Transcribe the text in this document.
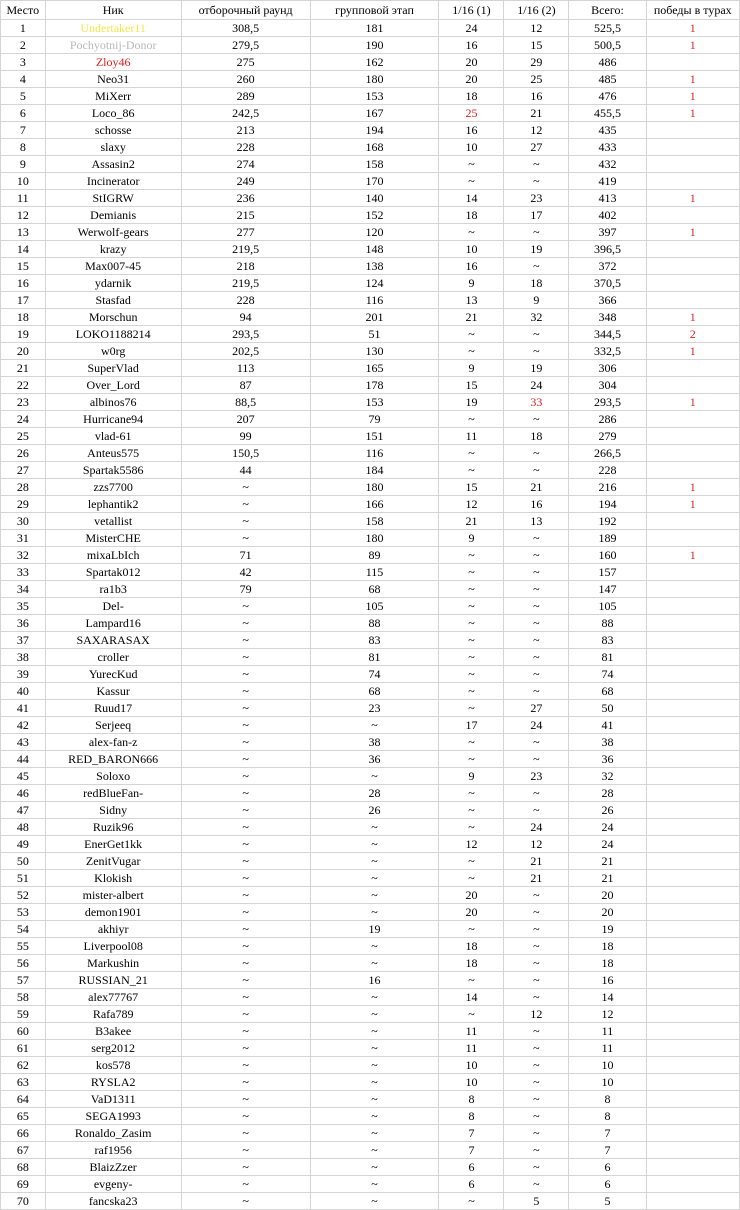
Место	Ник	отборочный раунд	групповой этап	1/16 (1)	1/16 (2)	Всего:	победы в турах
1	Undertaker11	308,5	181	24	12	525,5	1
2	Pochyotnij-Donor	279,5	190	16	15	500,5	1
3	Zloy46	275	162	20	29	486	
4	Neo31	260	180	20	25	485	1
5	MiXerr	289	153	18	16	476	1
6	Loco_86	242,5	167	25	21	455,5	1
7	schosse	213	194	16	12	435	
8	slaxy	228	168	10	27	433	
9	Assasin2	274	158	~	~	432	
10	Incinerator	249	170	~	~	419	
11	StIGRW	236	140	14	23	413	1
12	Demianis	215	152	18	17	402	
13	Werwolf-gears	277	120	~	~	397	1
14	krazy	219,5	148	10	19	396,5	
15	Max007-45	218	138	16	~	372	
16	ydarnik	219,5	124	9	18	370,5	
17	Stasfad	228	116	13	9	366	
18	Morschun	94	201	21	32	348	1
19	LOKO1188214	293,5	51	~	~	344,5	2
20	w0rg	202,5	130	~	~	332,5	1
21	SuperVlad	113	165	9	19	306	
22	Over_Lord	87	178	15	24	304	
23	albinos76	88,5	153	19	33	293,5	1
24	Hurricane94	207	79	~	~	286	
25	vlad-61	99	151	11	18	279	
26	Anteus575	150,5	116	~	~	266,5	
27	Spartak5586	44	184	~	~	228	
28	zzs7700	~	180	15	21	216	1
29	lephantik2	~	166	12	16	194	1
30	vetallist	~	158	21	13	192	
31	MisterCHE	~	180	9	~	189	
32	mixaLbIch	71	89	~	~	160	1
33	Spartak012	42	115	~	~	157	
34	ra1b3	79	68	~	~	147	
35	Del-	~	105	~	~	105	
36	Lampard16	~	88	~	~	88	
37	SAXARASAX	~	83	~	~	83	
38	croller	~	81	~	~	81	
39	YurecKud	~	74	~	~	74	
40	Kassur	~	68	~	~	68	
41	Ruud17	~	23	~	27	50	
42	Serjeeq	~	~	17	24	41	
43	alex-fan-z	~	38	~	~	38	
44	RED_BARON666	~	36	~	~	36	
45	Soloxo	~	~	9	23	32	
46	redBlueFan-	~	28	~	~	28	
47	Sidny	~	26	~	~	26	
48	Ruzik96	~	~	~	24	24	
49	EnerGet1kk	~	~	12	12	24	
50	ZenitVugar	~	~	~	21	21	
51	Klokish	~	~	~	21	21	
52	mister-albert	~	~	20	~	20	
53	demon1901	~	~	20	~	20	
54	akhiyr	~	19	~	~	19	
55	Liverpool08	~	~	18	~	18	
56	Markushin	~	~	18	~	18	
57	RUSSIAN_21	~	16	~	~	16	
58	alex77767	~	~	14	~	14	
59	Rafa789	~	~	~	12	12	
60	B3akee	~	~	11	~	11	
61	serg2012	~	~	11	~	11	
62	kos578	~	~	10	~	10	
63	RYSLA2	~	~	10	~	10	
64	VaD1311	~	~	8	~	8	
65	SEGA1993	~	~	8	~	8	
66	Ronaldo_Zasim	~	~	7	~	7	
67	raf1956	~	~	7	~	7	
68	BlaizZzer	~	~	6	~	6	
69	evgeny-	~	~	6	~	6	
70	fancska23	~	~	~	5	5	
